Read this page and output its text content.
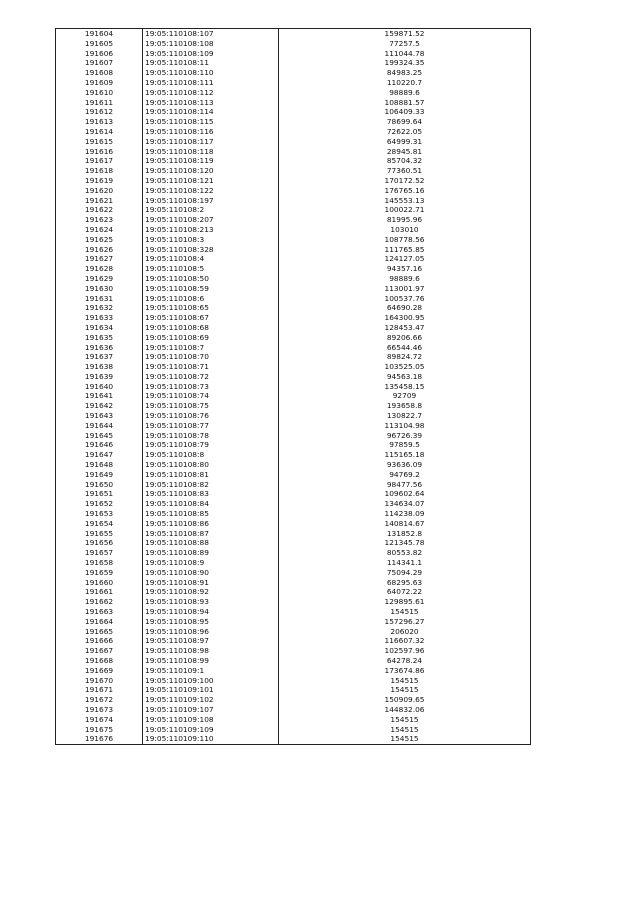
191604	19:05:110108:107	159871.52
191605	19:05:110108:108	77257.5
191606	19:05:110108:109	111044.78
191607	19:05:110108:11	199324.35
191608	19:05:110108:110	84983.25
191609	19:05:110108:111	110220.7
191610	19:05:110108:112	98889.6
191611	19:05:110108:113	108881.57
191612	19:05:110108:114	106409.33
191613	19:05:110108:115	78699.64
191614	19:05:110108:116	72622.05
191615	19:05:110108:117	64999.31
191616	19:05:110108:118	28945.81
191617	19:05:110108:119	85704.32
191618	19:05:110108:120	77360.51
191619	19:05:110108:121	170172.52
191620	19:05:110108:122	176765.16
191621	19:05:110108:197	145553.13
191622	19:05:110108:2	100022.71
191623	19:05:110108:207	81995.96
191624	19:05:110108:213	103010
191625	19:05:110108:3	108778.56
191626	19:05:110108:328	111765.85
191627	19:05:110108:4	124127.05
191628	19:05:110108:5	94357.16
191629	19:05:110108:50	98889.6
191630	19:05:110108:59	113001.97
191631	19:05:110108:6	100537.76
191632	19:05:110108:65	64690.28
191633	19:05:110108:67	164300.95
191634	19:05:110108:68	128453.47
191635	19:05:110108:69	89206.66
191636	19:05:110108:7	66544.46
191637	19:05:110108:70	89824.72
191638	19:05:110108:71	103525.05
191639	19:05:110108:72	94563.18
191640	19:05:110108:73	135458.15
191641	19:05:110108:74	92709
191642	19:05:110108:75	193658.8
191643	19:05:110108:76	130822.7
191644	19:05:110108:77	113104.98
191645	19:05:110108:78	96726.39
191646	19:05:110108:79	97859.5
191647	19:05:110108:8	115165.18
191648	19:05:110108:80	93636.09
191649	19:05:110108:81	94769.2
191650	19:05:110108:82	98477.56
191651	19:05:110108:83	109602.64
191652	19:05:110108:84	134634.07
191653	19:05:110108:85	114238.09
191654	19:05:110108:86	140814.67
191655	19:05:110108:87	131852.8
191656	19:05:110108:88	121345.78
191657	19:05:110108:89	80553.82
191658	19:05:110108:9	114341.1
191659	19:05:110108:90	75094.29
191660	19:05:110108:91	68295.63
191661	19:05:110108:92	64072.22
191662	19:05:110108:93	129895.61
191663	19:05:110108:94	154515
191664	19:05:110108:95	157296.27
191665	19:05:110108:96	206020
191666	19:05:110108:97	116607.32
191667	19:05:110108:98	102597.96
191668	19:05:110108:99	64278.24
191669	19:05:110109:1	173674.86
191670	19:05:110109:100	154515
191671	19:05:110109:101	154515
191672	19:05:110109:102	150909.65
191673	19:05:110109:107	144832.06
191674	19:05:110109:108	154515
191675	19:05:110109:109	154515
191676	19:05:110109:110	154515
